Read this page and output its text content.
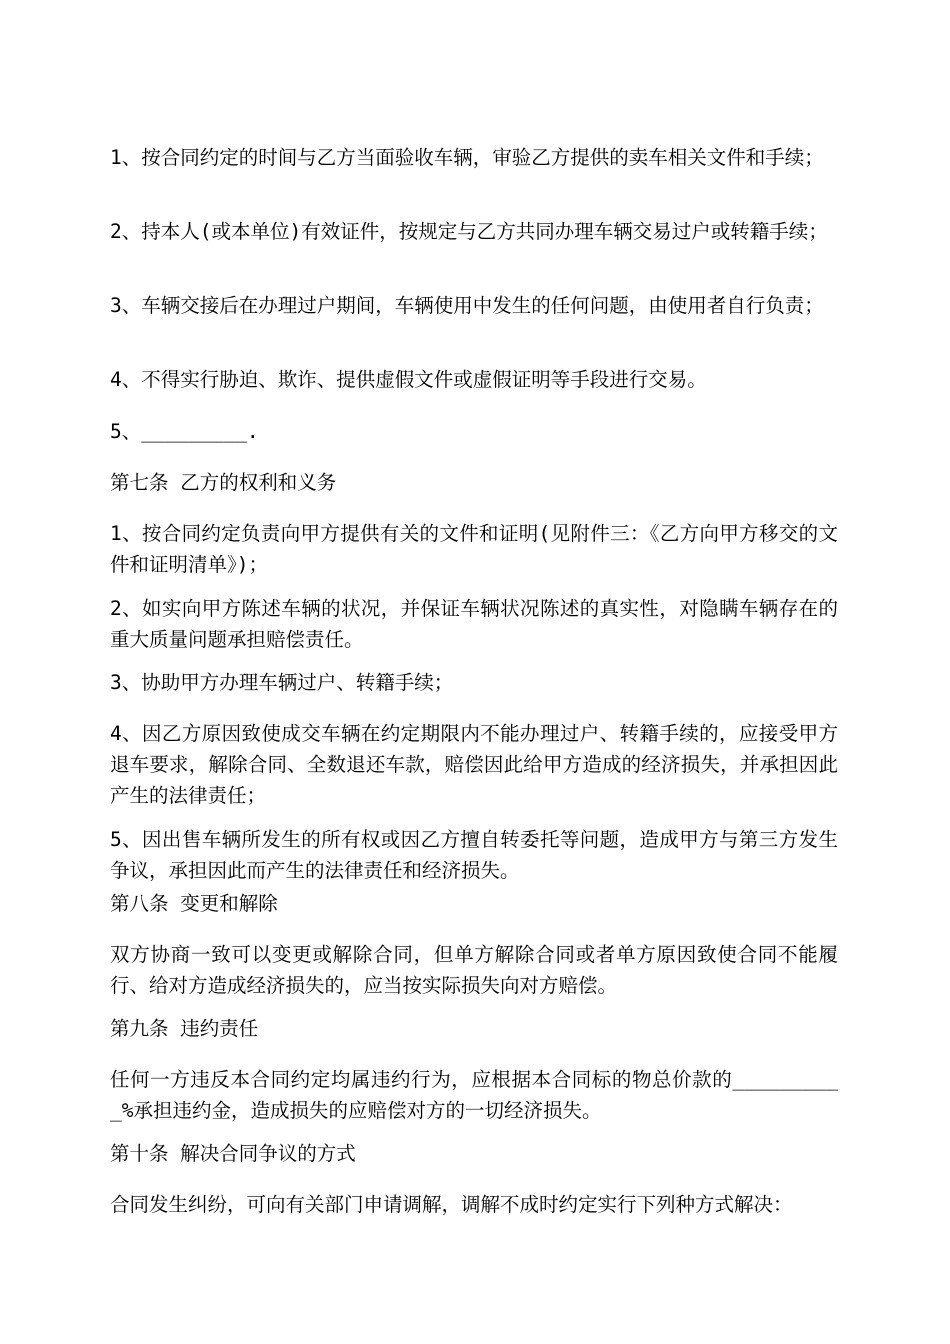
1、按合同约定的时间与乙方当面验收车辆，审验乙方提供的卖车相关文件和手续；

2、持本人(或本单位)有效证件，按规定与乙方共同办理车辆交易过户或转籍手续；

3、车辆交接后在办理过户期间，车辆使用中发生的任何问题，由使用者自行负责；

4、不得实行胁迫、欺诈、提供虚假文件或虚假证明等手段进行交易。

5、_________.

第七条 乙方的权利和义务

1、按合同约定负责向甲方提供有关的文件和证明(见附件三：《乙方向甲方移交的文件和证明清单》)；

2、如实向甲方陈述车辆的状况，并保证车辆状况陈述的真实性，对隐瞒车辆存在的重大质量问题承担赔偿责任。

3、协助甲方办理车辆过户、转籍手续；

4、因乙方原因致使成交车辆在约定期限内不能办理过户、转籍手续的，应接受甲方退车要求，解除合同、全数退还车款，赔偿因此给甲方造成的经济损失，并承担因此产生的法律责任；

5、因出售车辆所发生的所有权或因乙方擅自转委托等问题，造成甲方与第三方发生争议，承担因此而产生的法律责任和经济损失。

第八条 变更和解除

双方协商一致可以变更或解除合同，但单方解除合同或者单方原因致使合同不能履行、给对方造成经济损失的，应当按实际损失向对方赔偿。

第九条 违约责任

任何一方违反本合同约定均属违约行为，应根据本合同标的物总价款的__________%承担违约金，造成损失的应赔偿对方的一切经济损失。

第十条 解决合同争议的方式

合同发生纠纷，可向有关部门申请调解，调解不成时约定实行下列种方式解决：
